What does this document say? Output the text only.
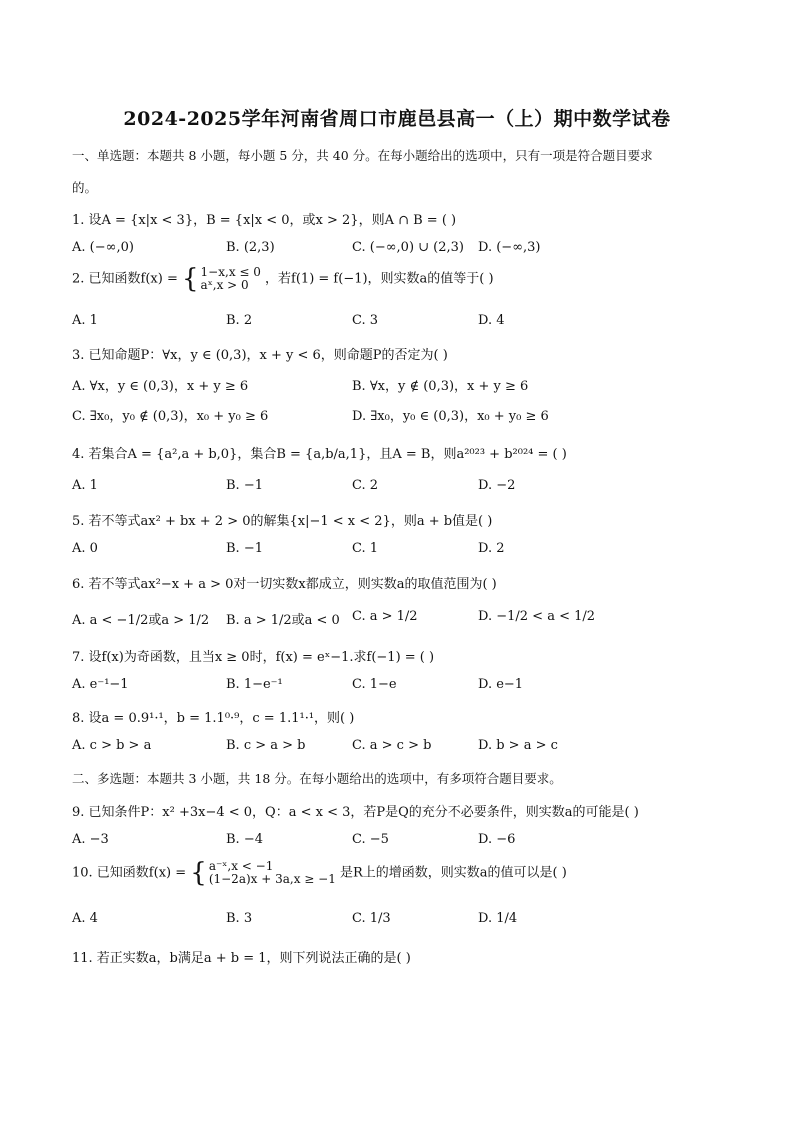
2024-2025学年河南省周口市鹿邑县高一（上）期中数学试卷
一、单选题：本题共 8 小题，每小题 5 分，共 40 分。在每小题给出的选项中，只有一项是符合题目要求
的。
1. 设A = {x|x < 3}，B = {x|x < 0，或x > 2}，则A ∩ B = ( )
A. (−∞,0)	B. (2,3)	C. (−∞,0) ∪ (2,3) D. (−∞,3)
2. 已知函数f(x) = { 1−x,x ≤ 0
aˣ,x > 0	，若f(1) = f(−1)，则实数a的值等于( )
A. 1	B. 2	C. 3	D. 4
3. 已知命题P：∀x，y ∈ (0,3)，x + y < 6，则命题P的否定为( )
A. ∀x，y ∈ (0,3)，x + y ≥ 6	B. ∀x，y ∉ (0,3)，x + y ≥ 6
C. ∃x₀，y₀ ∉ (0,3)，x₀ + y₀ ≥ 6	D. ∃x₀，y₀ ∈ (0,3)，x₀ + y₀ ≥ 6
4. 若集合A = {a²,a + b,0}，集合B = {a,b/a,1}，且A = B，则a²⁰²³ + b²⁰²⁴ = ( )
A. 1	B. −1	C. 2	D. −2
5. 若不等式ax² + bx + 2 > 0的解集{x|−1 < x < 2}，则a + b值是( )
A. 0	B. −1	C. 1	D. 2
6. 若不等式ax²−x + a > 0对一切实数x都成立，则实数a的取值范围为( )
A. a < −1/2或a > 1/2 B. a > 1/2或a < 0 C. a > 1/2	D. −1/2 < a < 1/2
7. 设f(x)为奇函数，且当x ≥ 0时，f(x) = eˣ−1.求f(−1) = ( )
A. e⁻¹−1	B. 1−e⁻¹	C. 1−e	D. e−1
8. 设a = 0.9¹·¹，b = 1.1⁰·⁹，c = 1.1¹·¹，则( )
A. c > b > a	B. c > a > b	C. a > c > b	D. b > a > c
二、多选题：本题共 3 小题，共 18 分。在每小题给出的选项中，有多项符合题目要求。
9. 已知条件P：x² +3x−4 < 0，Q：a < x < 3，若P是Q的充分不必要条件，则实数a的可能是( )
A. −3	B. −4	C. −5	D. −6
10. 已知函数f(x) = { a⁻ˣ,x < −1
(1−2a)x + 3a,x ≥ −1 是R上的增函数，则实数a的值可以是( )
A. 4	B. 3	C. 1/3	D. 1/4
11. 若正实数a，b满足a + b = 1，则下列说法正确的是( )
